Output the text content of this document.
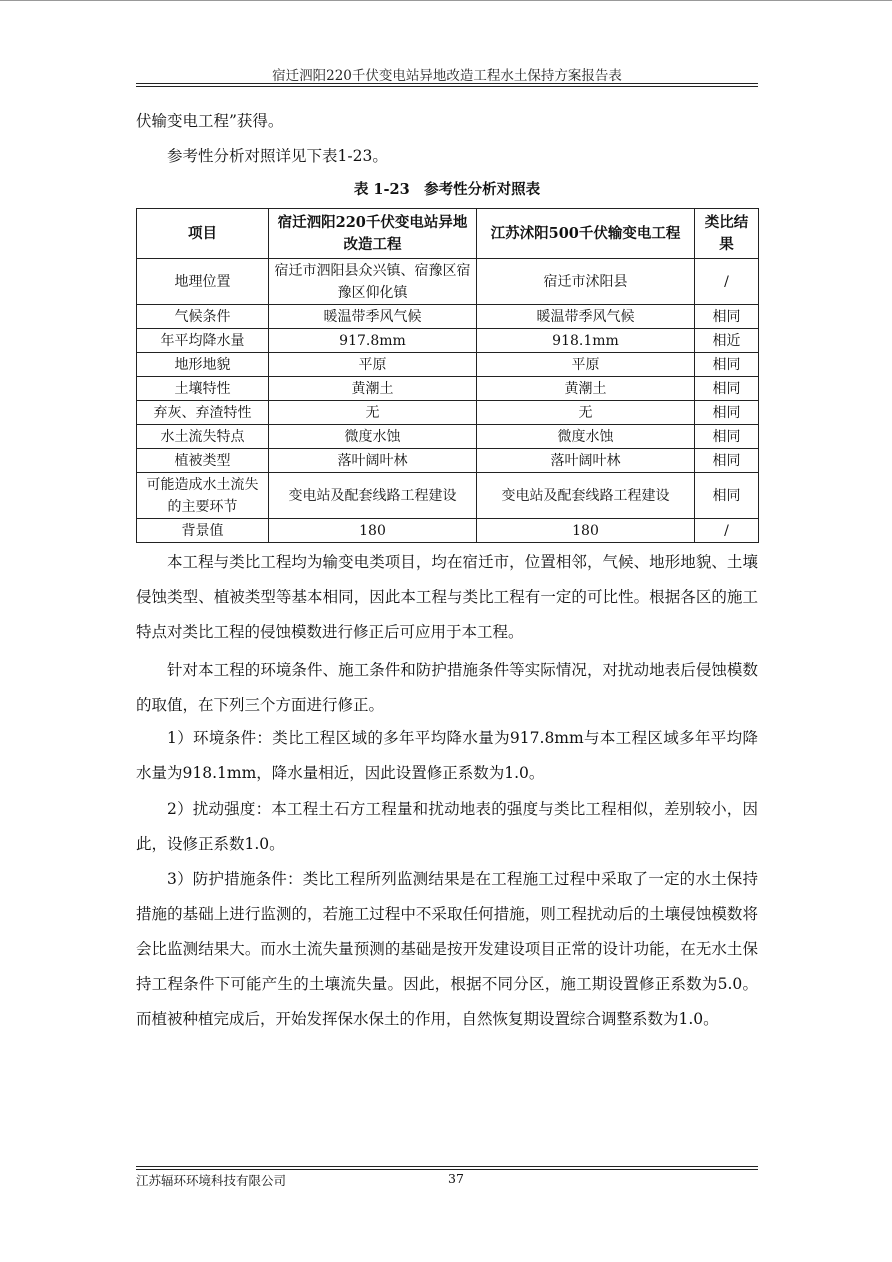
宿迁泗阳220千伏变电站异地改造工程水土保持方案报告表

伏输变电工程”获得。

参考性分析对照详见下表1-23。

表 1-23　参考性分析对照表
项目	宿迁泗阳220千伏变电站异地改造工程	江苏沭阳500千伏输变电工程	类比结果
地理位置	宿迁市泗阳县众兴镇、宿豫区宿豫区仰化镇	宿迁市沭阳县	/
气候条件	暖温带季风气候	暖温带季风气候	相同
年平均降水量	917.8mm	918.1mm	相近
地形地貌	平原	平原	相同
土壤特性	黄潮土	黄潮土	相同
弃灰、弃渣特性	无	无	相同
水土流失特点	微度水蚀	微度水蚀	相同
植被类型	落叶阔叶林	落叶阔叶林	相同
可能造成水土流失的主要环节	变电站及配套线路工程建设	变电站及配套线路工程建设	相同
背景值	180	180	/

本工程与类比工程均为输变电类项目，均在宿迁市，位置相邻，气候、地形地貌、土壤侵蚀类型、植被类型等基本相同，因此本工程与类比工程有一定的可比性。根据各区的施工特点对类比工程的侵蚀模数进行修正后可应用于本工程。

针对本工程的环境条件、施工条件和防护措施条件等实际情况，对扰动地表后侵蚀模数的取值，在下列三个方面进行修正。

1）环境条件：类比工程区域的多年平均降水量为917.8mm与本工程区域多年平均降水量为918.1mm，降水量相近，因此设置修正系数为1.0。

2）扰动强度：本工程土石方工程量和扰动地表的强度与类比工程相似，差别较小，因此，设修正系数1.0。

3）防护措施条件：类比工程所列监测结果是在工程施工过程中采取了一定的水土保持措施的基础上进行监测的，若施工过程中不采取任何措施，则工程扰动后的土壤侵蚀模数将会比监测结果大。而水土流失量预测的基础是按开发建设项目正常的设计功能，在无水土保持工程条件下可能产生的土壤流失量。因此，根据不同分区，施工期设置修正系数为5.0。而植被种植完成后，开始发挥保水保土的作用，自然恢复期设置综合调整系数为1.0。

江苏辐环环境科技有限公司	37
